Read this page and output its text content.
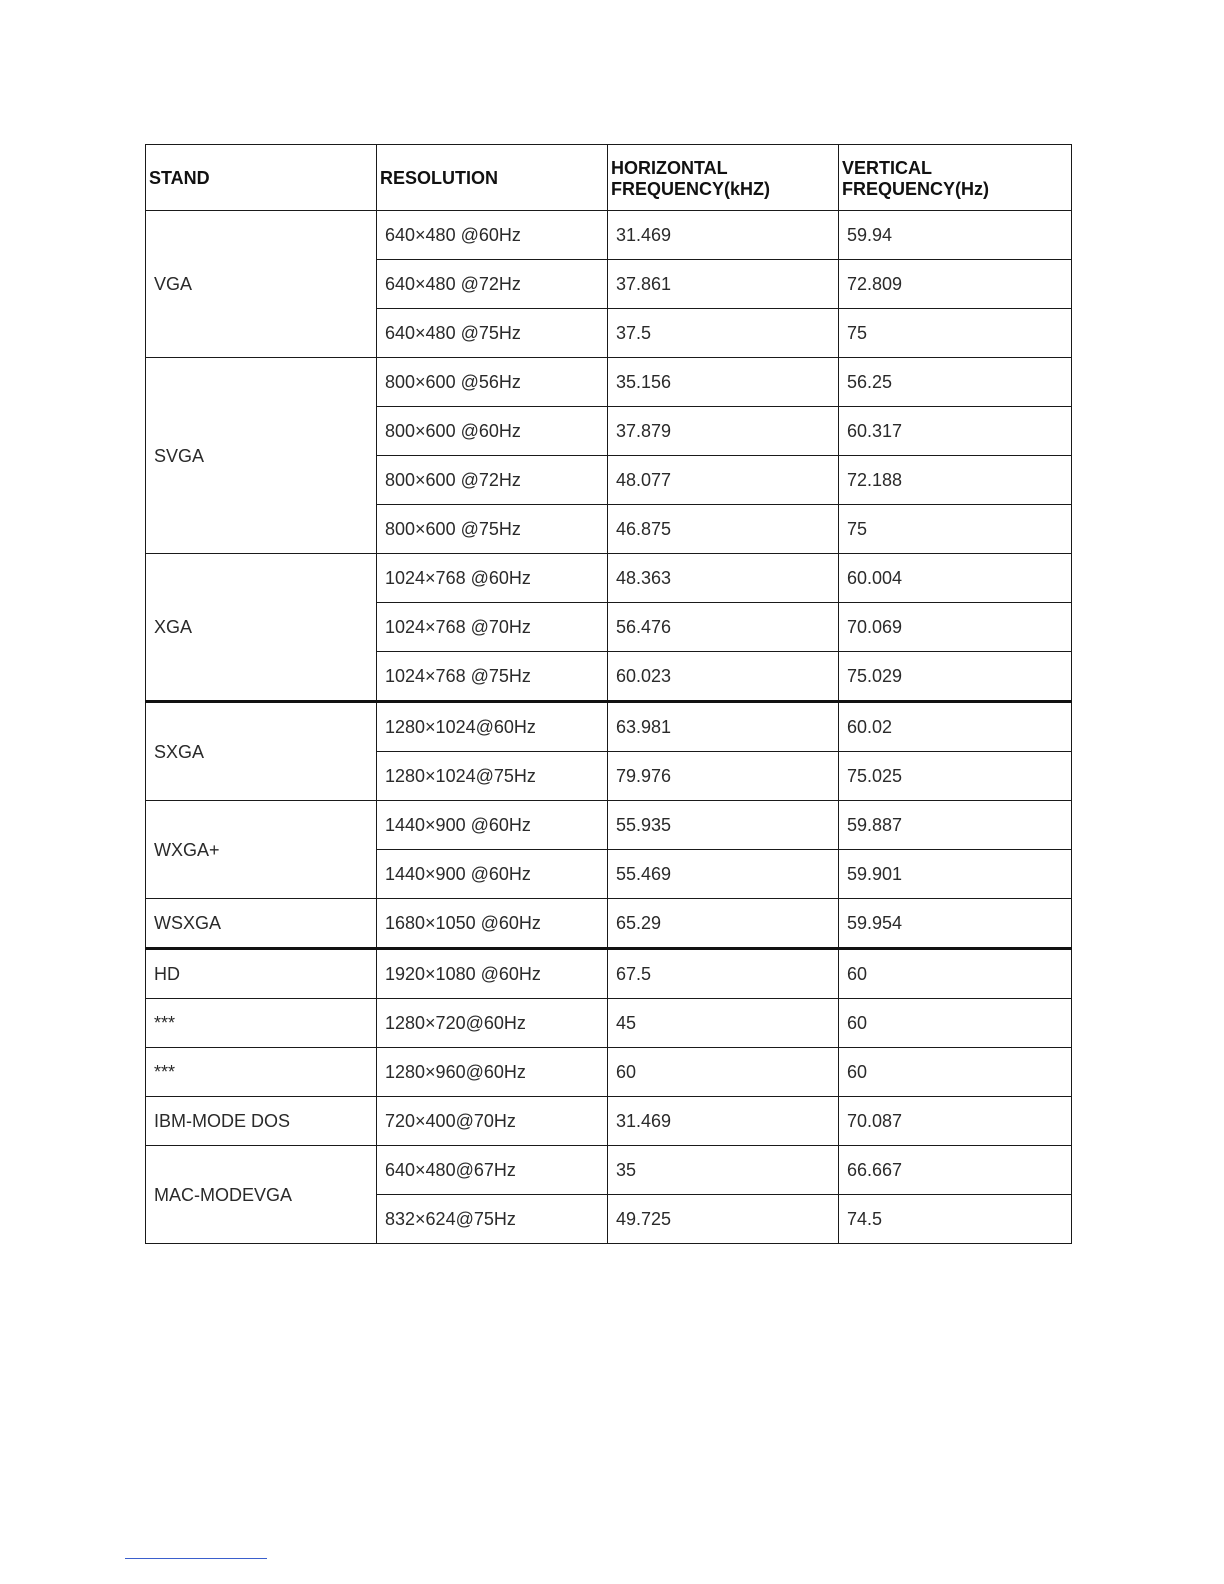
STAND	RESOLUTION	HORIZONTAL FREQUENCY(kHZ)	VERTICAL FREQUENCY(Hz)

VGA	640×480 @60Hz	31.469	59.94
	640×480 @72Hz	37.861	72.809
	640×480 @75Hz	37.5	75
SVGA	800×600 @56Hz	35.156	56.25
	800×600 @60Hz	37.879	60.317
	800×600 @72Hz	48.077	72.188
	800×600 @75Hz	46.875	75
XGA	1024×768 @60Hz	48.363	60.004
	1024×768 @70Hz	56.476	70.069
	1024×768 @75Hz	60.023	75.029
SXGA	1280×1024@60Hz	63.981	60.02
	1280×1024@75Hz	79.976	75.025
WXGA+	1440×900 @60Hz	55.935	59.887
	1440×900 @60Hz	55.469	59.901
WSXGA	1680×1050 @60Hz	65.29	59.954
HD	1920×1080 @60Hz	67.5	60
***	1280×720@60Hz	45	60
***	1280×960@60Hz	60	60
IBM-MODE DOS	720×400@70Hz	31.469	70.087
MAC-MODEVGA	640×480@67Hz	35	66.667
	832×624@75Hz	49.725	74.5
